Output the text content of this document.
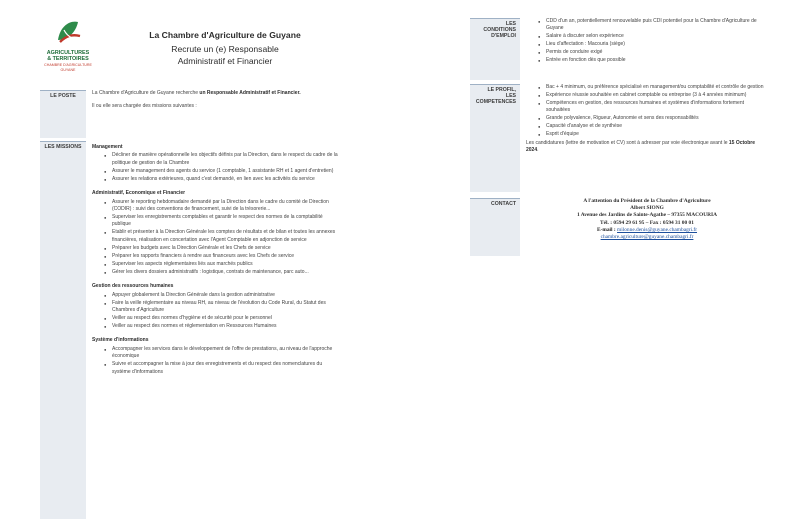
AGRICULTURES
& TERRITOIRES
CHAMBRE D'AGRICULTURE
GUYANE
La Chambre d'Agriculture de Guyane
Recrute un (e) Responsable
Administratif et Financier
LE POSTE	La Chambre d'Agriculture de Guyane recherche un Responsable Administratif et Financier.

Il ou elle sera chargée des missions suivantes :

LES MISSIONS	Management
● Décliner de manière opérationnelle les objectifs définis par la Direction, dans le respect du cadre de la politique de gestion de la Chambre
● Assurer le management des agents du service (1 comptable, 1 assistante RH et 1 agent d'entretien)
● Assurer les relations extérieures, quand c'est demandé, en lien avec les activités du service
Administratif, Economique et Financier
● Assurer le reporting hebdomadaire demandé par la Direction dans le cadre du comité de Direction (CODIR) : suivi des conventions de financement, suivi de la trésorerie...
● Superviser les enregistrements comptables et garantir le respect des normes de la comptabilité publique
● Etablir et présenter à la Direction Générale les comptes de résultats et de bilan et toutes les annexes financières, réalisation en concertation avec l'Agent Comptable en adjonction de service
● Préparer les budgets avec la Direction Générale et les Chefs de service
● Préparer les rapports financiers à rendre aux financeurs avec les Chefs de service
● Superviser les aspects réglementaires liés aux marchés publics
● Gérer les divers dossiers administratifs : logistique, contrats de maintenance, parc auto...
Gestion des ressources humaines
● Appuyer globalement la Direction Générale dans la gestion administrative
● Faire la veille réglementaire au niveau RH, au niveau de l'évolution du Code Rural, du Statut des Chambres d'Agriculture
● Veiller au respect des normes d'hygiène et de sécurité pour le personnel
● Veiller au respect des normes et réglementation en Ressources Humaines
Système d'informations
● Accompagner les services dans le développement de l'offre de prestations, au niveau de l'approche économique
● Suivre et accompagner la mise à jour des enregistrements et du respect des nomenclatures du système d'informations
LES
CONDITIONS
D'EMPLOI
● CDD d'un an, potentiellement renouvelable puis CDI potentiel pour la Chambre d'Agriculture de Guyane
● Salaire à discuter selon expérience
● Lieu d'affectation : Macouria (siège)
● Permis de conduire exigé
● Entrée en fonction dès que possible
LE PROFIL,
LES
COMPETENCES
● Bac + 4 minimum, ou préférence spécialisé en management/ou comptabilité et contrôle de gestion
● Expérience réussie souhaitée en cabinet comptable ou entreprise (3 à 4 années minimum)
● Compétences en gestion, des ressources humaines et systèmes d'informations fortement souhaitées
● Grande polyvalence, Rigueur, Autonomie et sens des responsabilités
● Capacité d'analyse et de synthèse
● Esprit d'équipe

Les candidatures (lettre de motivation et CV) sont à adresser par voie électronique avant le 15 Octobre 2024.

CONTACT	A l'attention du Président de la Chambre d'Agriculture
Albert SIONG
1 Avenue des Jardins de Sainte-Agathe – 97355 MACOURIA
Tél. : 0594 29 61 95 – Fax : 0594 31 00 01
E-mail : milonne.denis@guyane.chambagri.fr
chambre.agriculture@guyane.chambagri.fr
